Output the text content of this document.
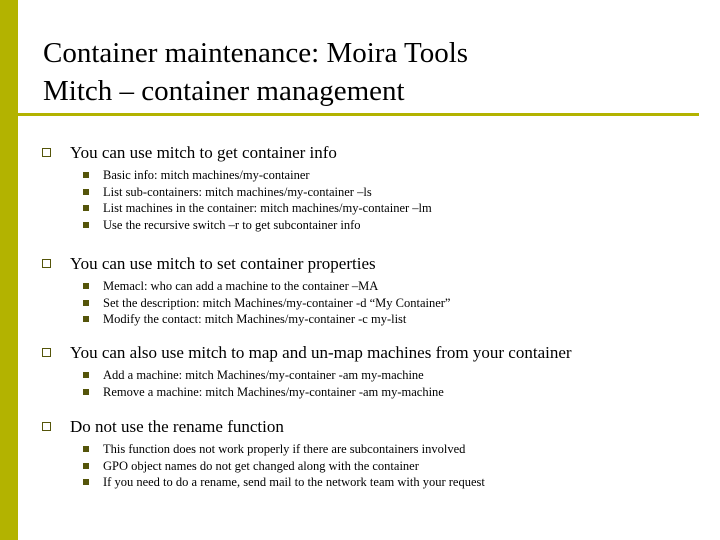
Container maintenance: Moira Tools
Mitch – container management
You can use mitch to get container info
Basic info: mitch machines/my-container
List sub-containers: mitch machines/my-container –ls
List machines in the container: mitch machines/my-container –lm
Use the recursive switch –r to get subcontainer info
You can use mitch to set container properties
Memacl: who can add a machine to the container –MA
Set the description: mitch Machines/my-container -d “My Container”
Modify the contact: mitch Machines/my-container -c my-list
You can also use mitch to map and un-map machines from your container
Add a machine: mitch Machines/my-container -am my-machine
Remove a machine: mitch Machines/my-container -am my-machine
Do not use the rename function
This function does not work properly if there are subcontainers involved
GPO object names do not get changed along with the container
If you need to do a rename, send mail to the network team with your request
